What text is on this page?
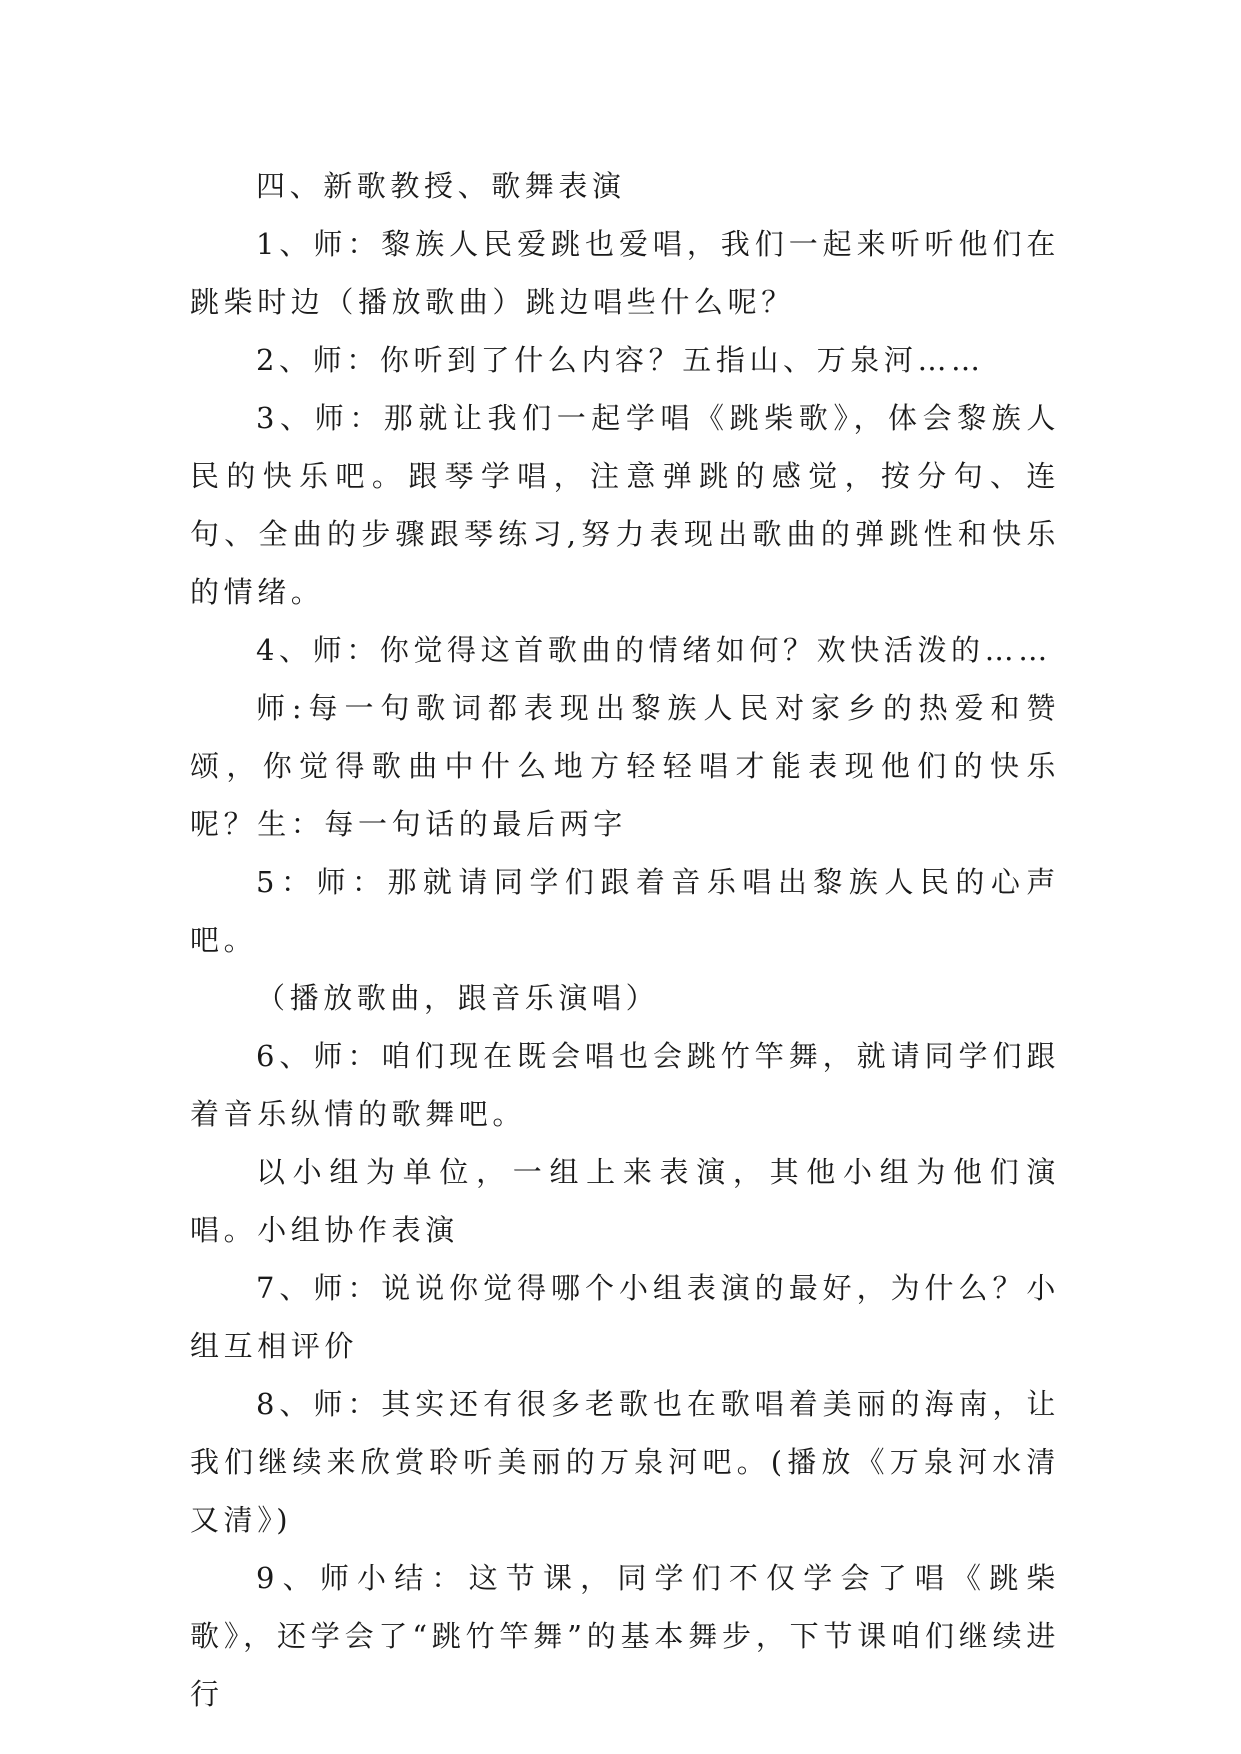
四、新歌教授、歌舞表演

1、师：黎族人民爱跳也爱唱，我们一起来听听他们在跳柴时边（播放歌曲）跳边唱些什么呢？

2、师：你听到了什么内容？五指山、万泉河……

3、师：那就让我们一起学唱《跳柴歌》，体会黎族人民的快乐吧。跟琴学唱，注意弹跳的感觉，按分句、连句、全曲的步骤跟琴练习,努力表现出歌曲的弹跳性和快乐的情绪。

4、师：你觉得这首歌曲的情绪如何？欢快活泼的……

师:每一句歌词都表现出黎族人民对家乡的热爱和赞颂，你觉得歌曲中什么地方轻轻唱才能表现他们的快乐呢？生：每一句话的最后两字

5：师：那就请同学们跟着音乐唱出黎族人民的心声吧。

（播放歌曲，跟音乐演唱）

6、师：咱们现在既会唱也会跳竹竿舞，就请同学们跟着音乐纵情的歌舞吧。

以小组为单位，一组上来表演，其他小组为他们演唱。小组协作表演

7、师：说说你觉得哪个小组表演的最好，为什么？小组互相评价

8、师：其实还有很多老歌也在歌唱着美丽的海南，让我们继续来欣赏聆听美丽的万泉河吧。(播放《万泉河水清又清》)

9、师小结：这节课，同学们不仅学会了唱《跳柴歌》，还学会了“跳竹竿舞”的基本舞步，下节课咱们继续进行
